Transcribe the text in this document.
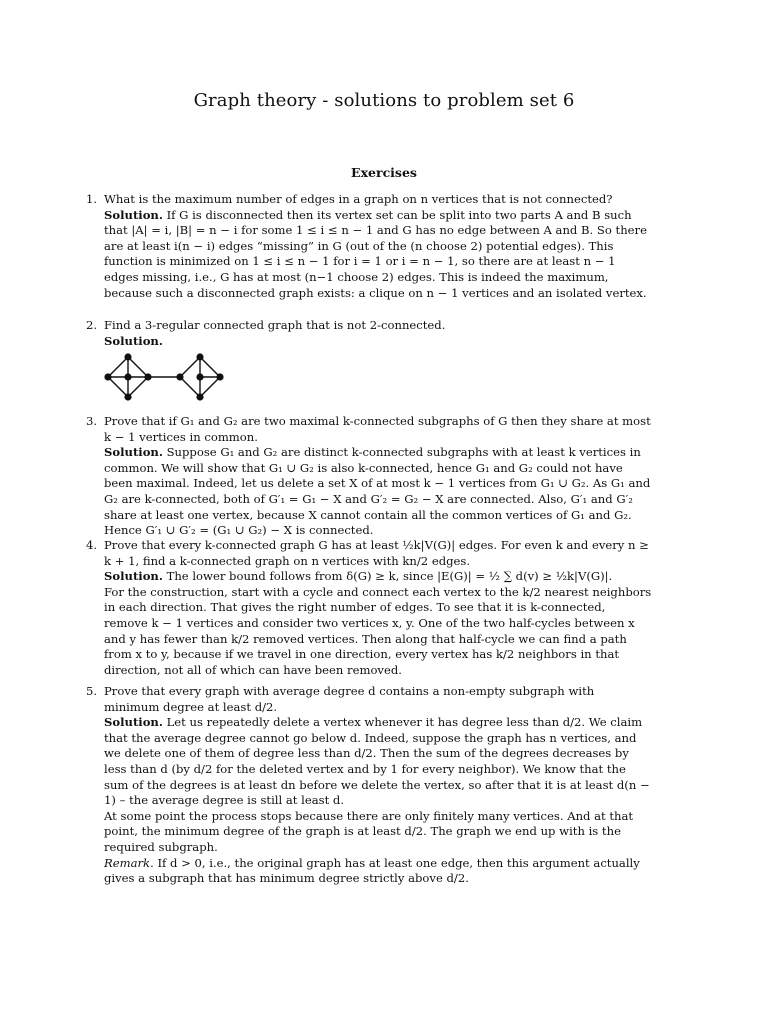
Graph theory - solutions to problem set 6
Exercises
1. What is the maximum number of edges in a graph on n vertices that is not connected?

Solution. If G is disconnected then its vertex set can be split into two parts A and B such that |A| = i, |B| = n − i for some 1 ≤ i ≤ n − 1 and G has no edge between A and B. So there are at least i(n − i) edges “missing” in G (out of the (n choose 2) potential edges). This function is minimized on 1 ≤ i ≤ n − 1 for i = 1 or i = n − 1, so there are at least n − 1 edges missing, i.e., G has at most (n−1 choose 2) edges. This is indeed the maximum, because such a disconnected graph exists: a clique on n − 1 vertices and an isolated vertex.

2. Find a 3-regular connected graph that is not 2-connected.

Solution.

3. Prove that if G₁ and G₂ are two maximal k-connected subgraphs of G then they share at most k − 1 vertices in common.

Solution. Suppose G₁ and G₂ are distinct k-connected subgraphs with at least k vertices in common. We will show that G₁ ∪ G₂ is also k-connected, hence G₁ and G₂ could not have been maximal. Indeed, let us delete a set X of at most k − 1 vertices from G₁ ∪ G₂. As G₁ and G₂ are k-connected, both of G′₁ = G₁ − X and G′₂ = G₂ − X are connected. Also, G′₁ and G′₂ share at least one vertex, because X cannot contain all the common vertices of G₁ and G₂. Hence G′₁ ∪ G′₂ = (G₁ ∪ G₂) − X is connected.

4. Prove that every k-connected graph G has at least ½k|V(G)| edges. For even k and every n ≥ k + 1, find a k-connected graph on n vertices with kn/2 edges.

Solution. The lower bound follows from δ(G) ≥ k, since |E(G)| = ½ ∑ d(v) ≥ ½k|V(G)|.

For the construction, start with a cycle and connect each vertex to the k/2 nearest neighbors in each direction. That gives the right number of edges. To see that it is k-connected, remove k − 1 vertices and consider two vertices x, y. One of the two half-cycles between x and y has fewer than k/2 removed vertices. Then along that half-cycle we can find a path from x to y, because if we travel in one direction, every vertex has k/2 neighbors in that direction, not all of which can have been removed.

5. Prove that every graph with average degree d contains a non-empty subgraph with minimum degree at least d/2.

Solution. Let us repeatedly delete a vertex whenever it has degree less than d/2. We claim that the average degree cannot go below d. Indeed, suppose the graph has n vertices, and we delete one of them of degree less than d/2. Then the sum of the degrees decreases by less than d (by d/2 for the deleted vertex and by 1 for every neighbor). We know that the sum of the degrees is at least dn before we delete the vertex, so after that it is at least d(n − 1) – the average degree is still at least d.

At some point the process stops because there are only finitely many vertices. And at that point, the minimum degree of the graph is at least d/2. The graph we end up with is the required subgraph.

Remark. If d > 0, i.e., the original graph has at least one edge, then this argument actually gives a subgraph that has minimum degree strictly above d/2.
